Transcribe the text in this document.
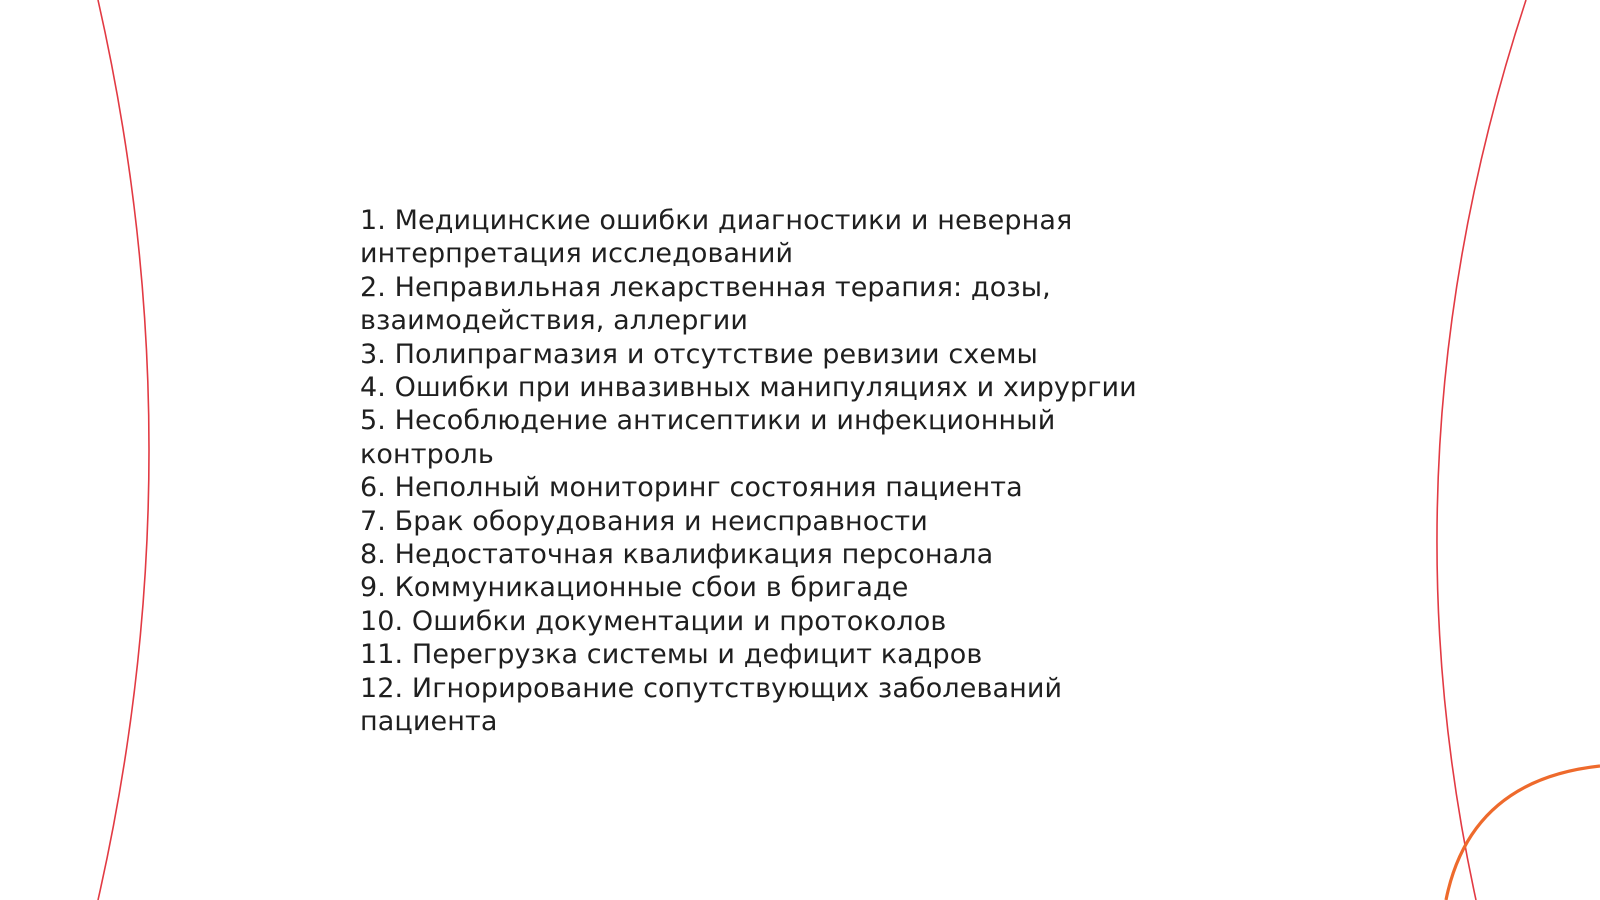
1. Медицинские ошибки диагностики и неверная интерпретация исследований
2. Неправильная лекарственная терапия: дозы, взаимодействия, аллергии
3. Полипрагмазия и отсутствие ревизии схемы
4. Ошибки при инвазивных манипуляциях и хирургии
5. Несоблюдение антисептики и инфекционный контроль
6. Неполный мониторинг состояния пациента
7. Брак оборудования и неисправности
8. Недостаточная квалификация персонала
9. Коммуникационные сбои в бригаде
10. Ошибки документации и протоколов
11. Перегрузка системы и дефицит кадров
12. Игнорирование сопутствующих заболеваний пациента
